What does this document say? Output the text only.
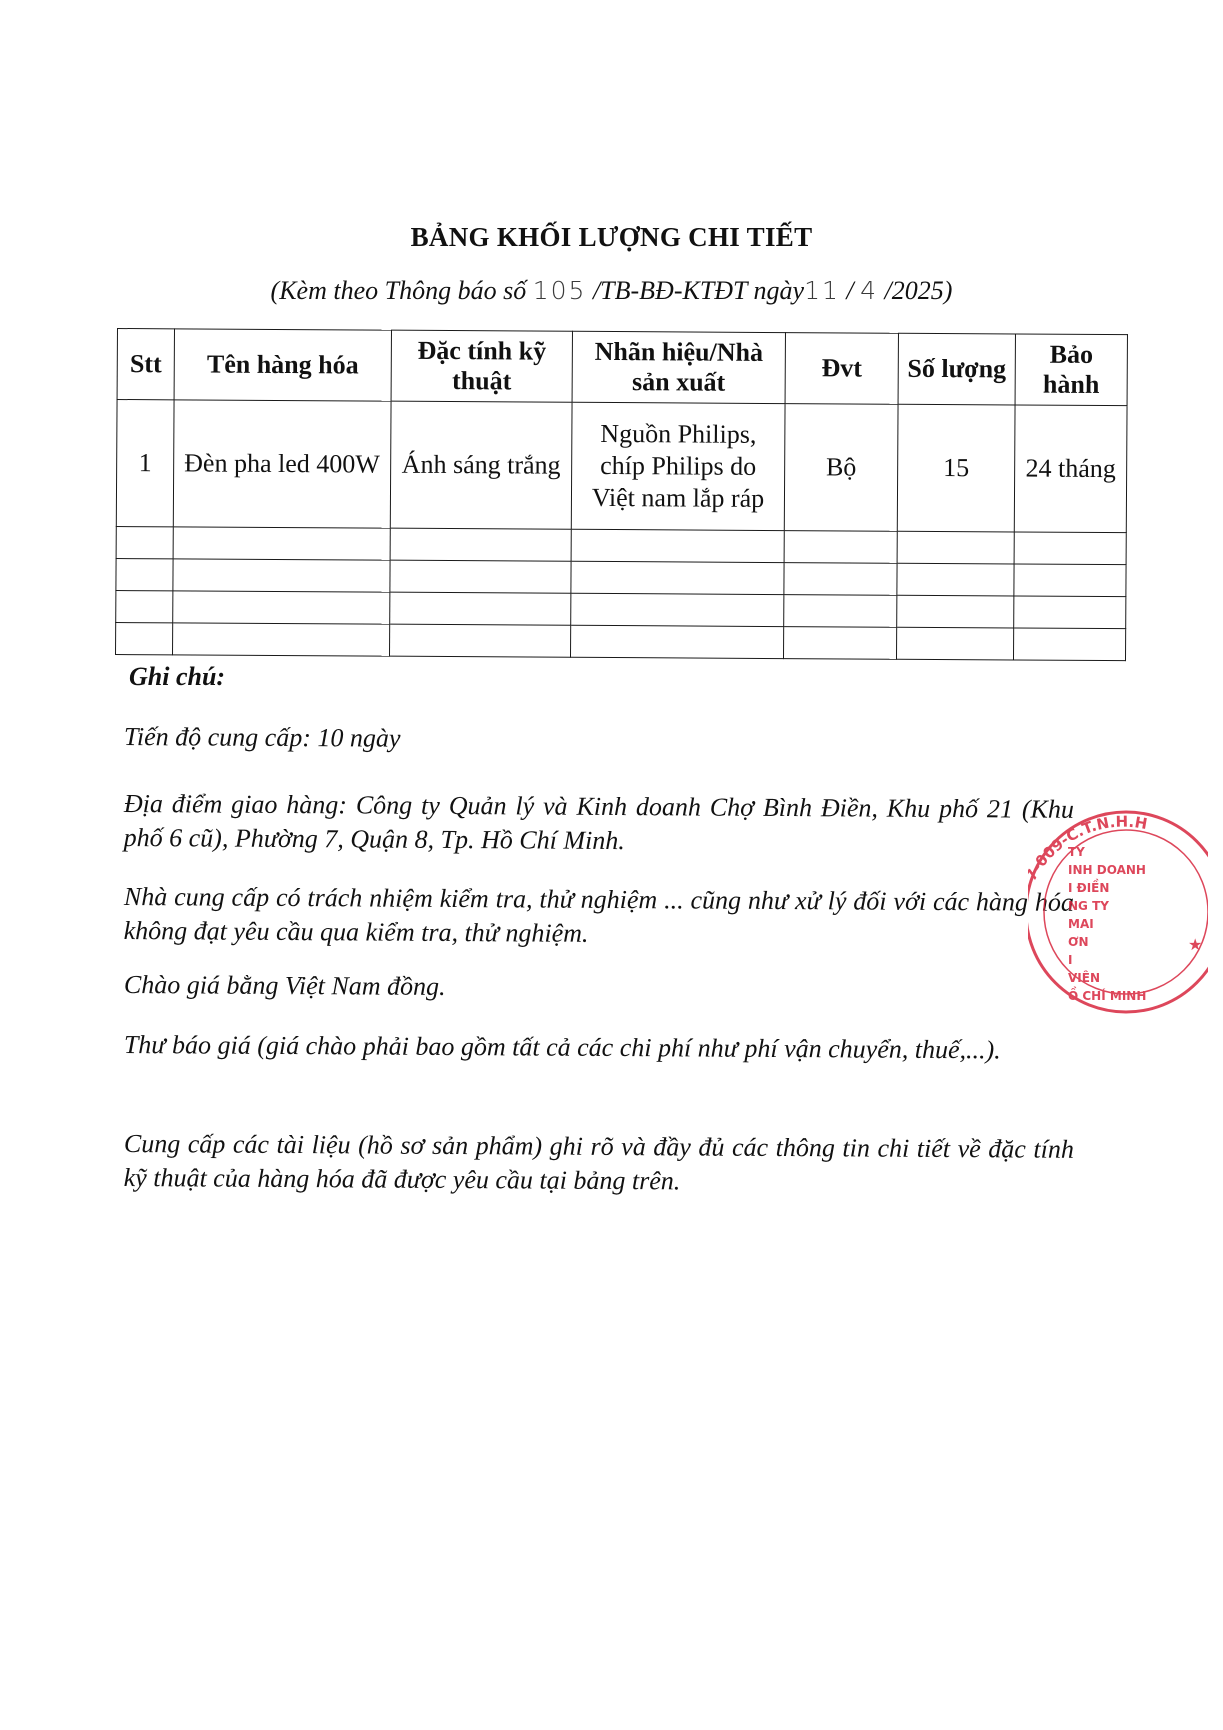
BẢNG KHỐI LƯỢNG CHI TIẾT
(Kèm theo Thông báo số 105 /TB-BĐ-KTĐT ngày11 / 4 /2025)
Stt	Tên hàng hóa	Đặc tính kỹ thuật	Nhãn hiệu/Nhà sản xuất	Đvt	Số lượng	Bảo hành
1	Đèn pha led 400W	Ánh sáng trắng	Nguồn Philips, chíp Philips do Việt nam lắp ráp	Bộ	15	24 tháng

Ghi chú:
Tiến độ cung cấp: 10 ngày
Địa điểm giao hàng: Công ty Quản lý và Kinh doanh Chợ Bình Điền, Khu phố 21 (Khu phố 6 cũ), Phường 7, Quận 8, Tp. Hồ Chí Minh.
Nhà cung cấp có trách nhiệm kiểm tra, thử nghiệm ... cũng như xử lý đối với các hàng hóa không đạt yêu cầu qua kiểm tra, thử nghiệm.
Chào giá bằng Việt Nam đồng.
Thư báo giá (giá chào phải bao gồm tất cả các chi phí như phí vận chuyển, thuế,...).
Cung cấp các tài liệu (hồ sơ sản phẩm) ghi rõ và đầy đủ các thông tin chi tiết về đặc tính kỹ thuật của hàng hóa đã được yêu cầu tại bảng trên.
-009-C.T.N.H.H
TY
INH DOANH
I ĐIỀN
NG TY
MAI
ƠN
I
VIÊN
Ồ CHÍ MINH
★
